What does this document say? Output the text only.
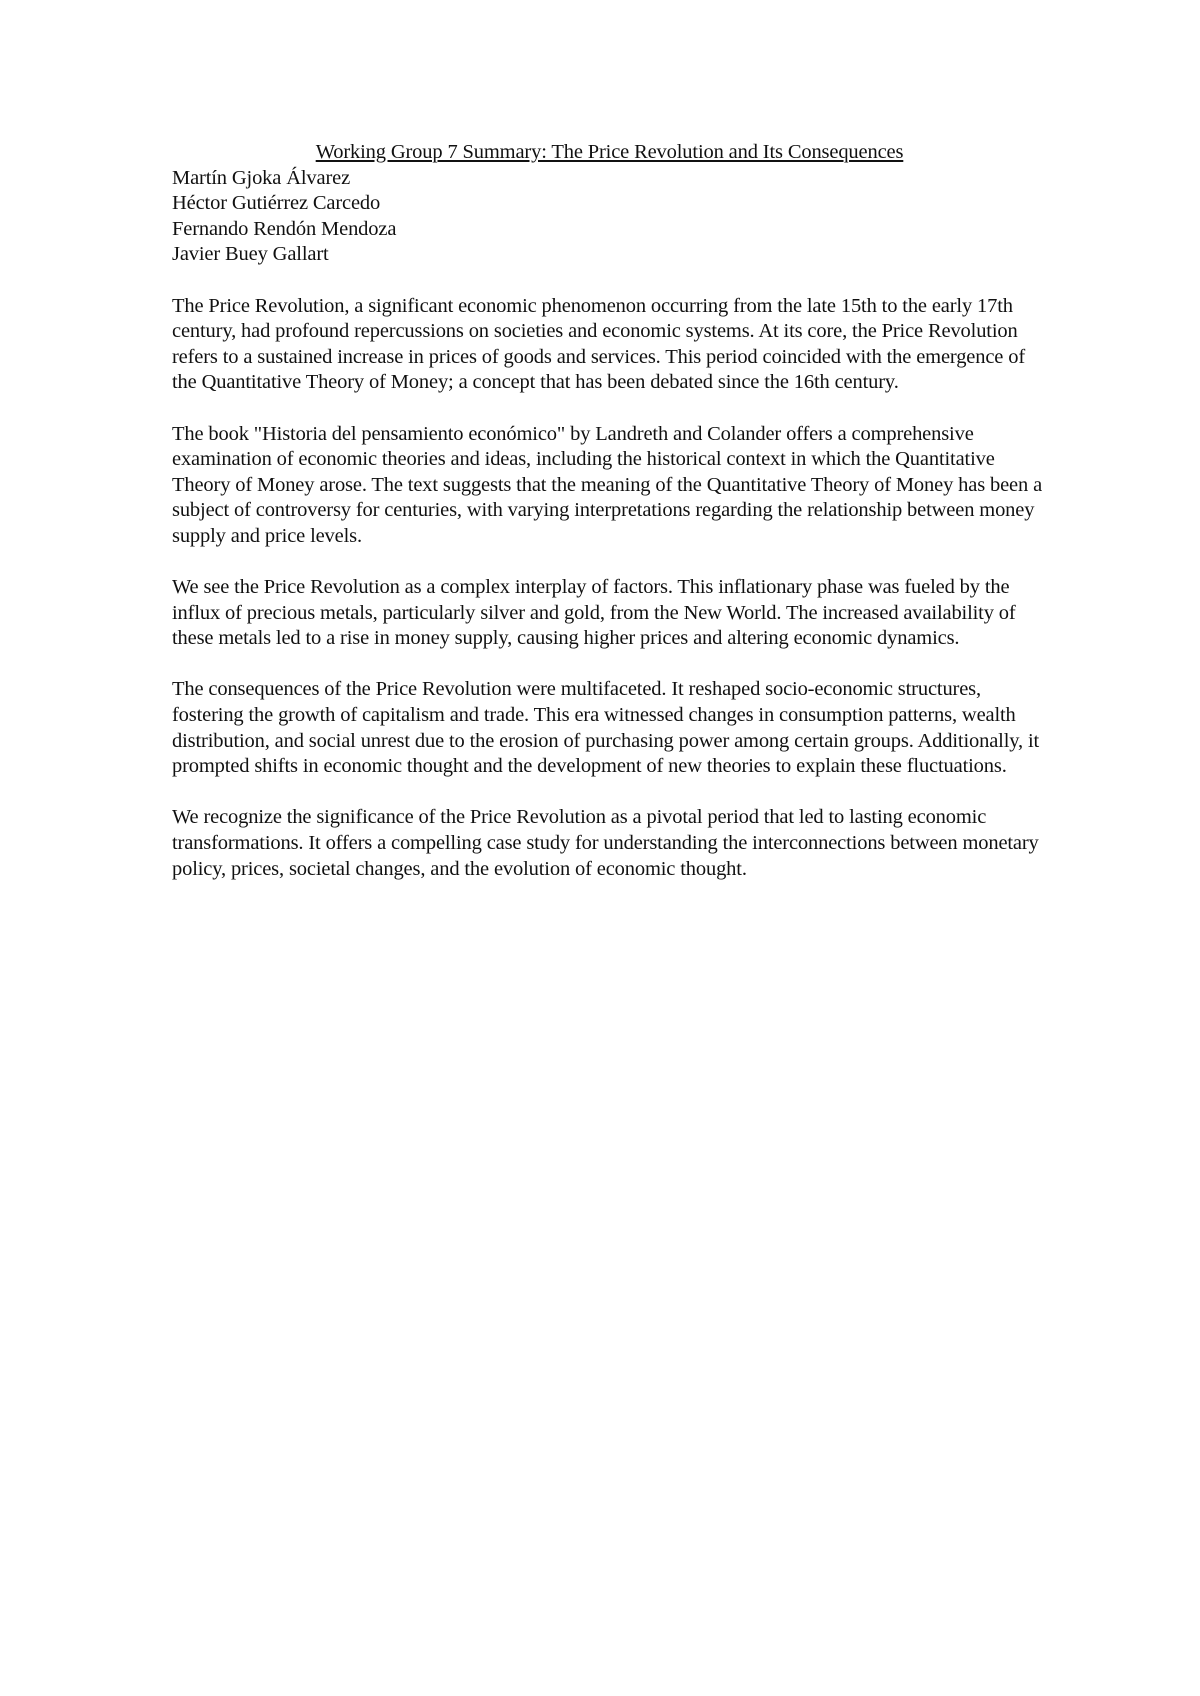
Working Group 7 Summary: The Price Revolution and Its Consequences
Martín Gjoka Álvarez
Héctor Gutiérrez Carcedo
Fernando Rendón Mendoza
Javier Buey Gallart

The Price Revolution, a significant economic phenomenon occurring from the late 15th to the early 17th century, had profound repercussions on societies and economic systems. At its core, the Price Revolution refers to a sustained increase in prices of goods and services. This period coincided with the emergence of the Quantitative Theory of Money; a concept that has been debated since the 16th century.

The book "Historia del pensamiento económico" by Landreth and Colander offers a comprehensive examination of economic theories and ideas, including the historical context in which the Quantitative Theory of Money arose. The text suggests that the meaning of the Quantitative Theory of Money has been a subject of controversy for centuries, with varying interpretations regarding the relationship between money supply and price levels.

We see the Price Revolution as a complex interplay of factors. This inflationary phase was fueled by the influx of precious metals, particularly silver and gold, from the New World. The increased availability of these metals led to a rise in money supply, causing higher prices and altering economic dynamics.

The consequences of the Price Revolution were multifaceted. It reshaped socio-economic structures, fostering the growth of capitalism and trade. This era witnessed changes in consumption patterns, wealth distribution, and social unrest due to the erosion of purchasing power among certain groups. Additionally, it prompted shifts in economic thought and the development of new theories to explain these fluctuations.

We recognize the significance of the Price Revolution as a pivotal period that led to lasting economic transformations. It offers a compelling case study for understanding the interconnections between monetary policy, prices, societal changes, and the evolution of economic thought.
